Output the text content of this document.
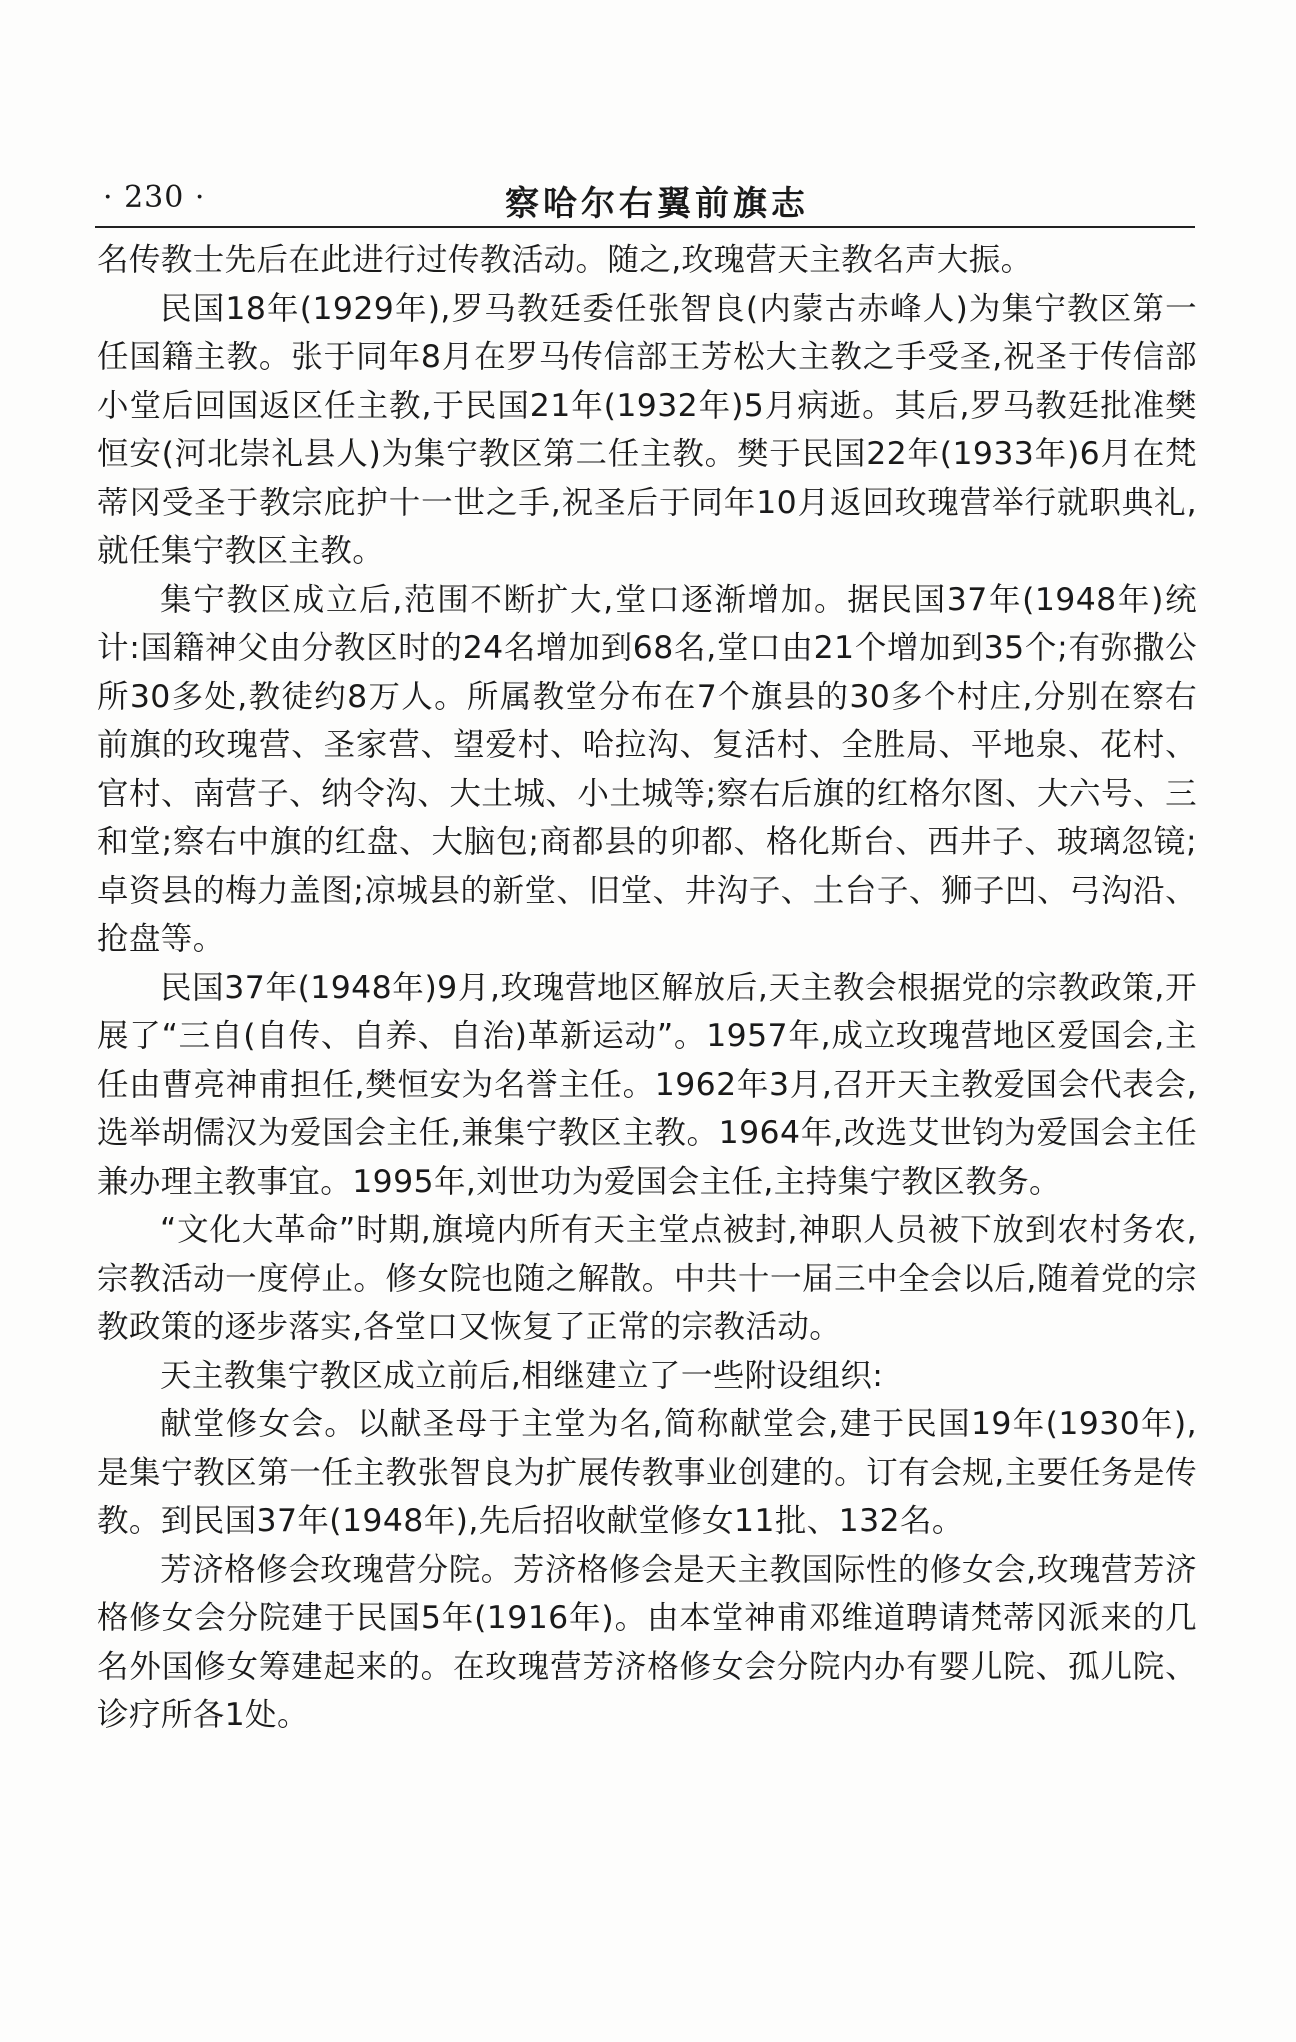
· 230 ·	察哈尔右翼前旗志

名传教士先后在此进行过传教活动。随之,玫瑰营天主教名声大振。

民国18年(1929年),罗马教廷委任张智良(内蒙古赤峰人)为集宁教区第一任国籍主教。张于同年8月在罗马传信部王芳松大主教之手受圣,祝圣于传信部小堂后回国返区任主教,于民国21年(1932年)5月病逝。其后,罗马教廷批准樊恒安(河北崇礼县人)为集宁教区第二任主教。樊于民国22年(1933年)6月在梵蒂冈受圣于教宗庇护十一世之手,祝圣后于同年10月返回玫瑰营举行就职典礼,就任集宁教区主教。

集宁教区成立后,范围不断扩大,堂口逐渐增加。据民国37年(1948年)统计:国籍神父由分教区时的24名增加到68名,堂口由21个增加到35个;有弥撒公所30多处,教徒约8万人。所属教堂分布在7个旗县的30多个村庄,分别在察右前旗的玫瑰营、圣家营、望爱村、哈拉沟、复活村、全胜局、平地泉、花村、官村、南营子、纳令沟、大土城、小土城等;察右后旗的红格尔图、大六号、三和堂;察右中旗的红盘、大脑包;商都县的卯都、格化斯台、西井子、玻璃忽镜;卓资县的梅力盖图;凉城县的新堂、旧堂、井沟子、土台子、狮子凹、弓沟沿、抢盘等。

民国37年(1948年)9月,玫瑰营地区解放后,天主教会根据党的宗教政策,开展了“三自(自传、自养、自治)革新运动”。1957年,成立玫瑰营地区爱国会,主任由曹亮神甫担任,樊恒安为名誉主任。1962年3月,召开天主教爱国会代表会,选举胡儒汉为爱国会主任,兼集宁教区主教。1964年,改选艾世钧为爱国会主任兼办理主教事宜。1995年,刘世功为爱国会主任,主持集宁教区教务。

“文化大革命”时期,旗境内所有天主堂点被封,神职人员被下放到农村务农,宗教活动一度停止。修女院也随之解散。中共十一届三中全会以后,随着党的宗教政策的逐步落实,各堂口又恢复了正常的宗教活动。

天主教集宁教区成立前后,相继建立了一些附设组织:

献堂修女会。以献圣母于主堂为名,简称献堂会,建于民国19年(1930年),是集宁教区第一任主教张智良为扩展传教事业创建的。订有会规,主要任务是传教。到民国37年(1948年),先后招收献堂修女11批、132名。

芳济格修会玫瑰营分院。芳济格修会是天主教国际性的修女会,玫瑰营芳济格修女会分院建于民国5年(1916年)。由本堂神甫邓维道聘请梵蒂冈派来的几名外国修女筹建起来的。在玫瑰营芳济格修女会分院内办有婴儿院、孤儿院、诊疗所各1处。
